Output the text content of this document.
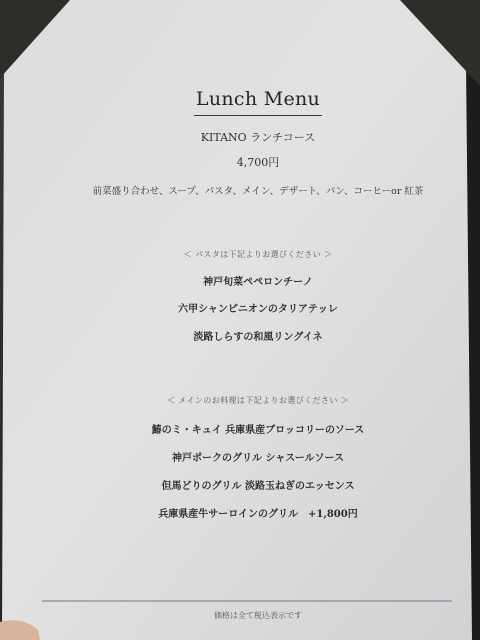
Lunch Menu
KITANO ランチコース
4,700円
前菜盛り合わせ、スープ、パスタ、メイン、デザート、パン、コーヒーor 紅茶
＜ パスタは下記よりお選びください ＞
神戸旬菜ペペロンチーノ
六甲シャンピニオンのタリアテッレ
淡路しらすの和風リングイネ
＜ メインのお料理は下記よりお選びください ＞
鰆のミ・キュイ 兵庫県産ブロッコリーのソース
神戸ポークのグリル シャスールソース
但馬どりのグリル 淡路玉ねぎのエッセンス
兵庫県産牛サーロインのグリル　+1,800円
価格は全て税込表示です
